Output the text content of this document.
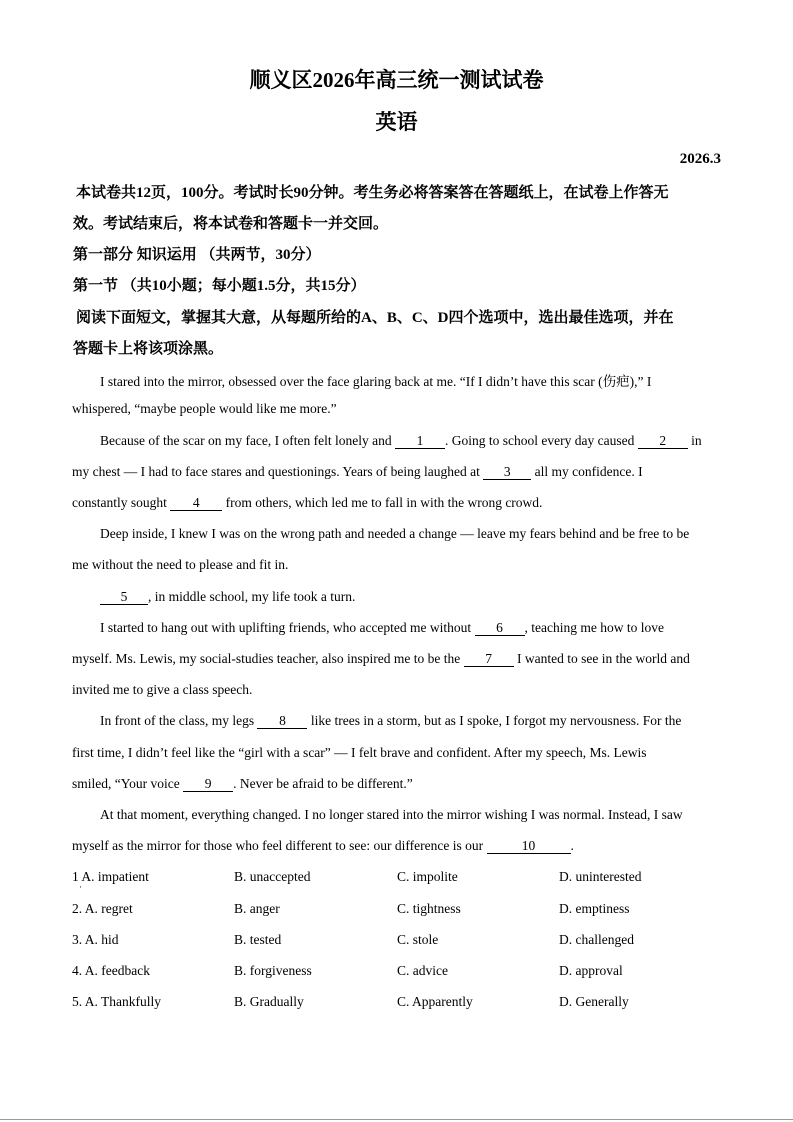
顺义区2026年高三统一测试试卷
英语
2026.3
本试卷共12页，100分。考试时长90分钟。考生务必将答案答在答题纸上，在试卷上作答无
效。考试结束后，将本试卷和答题卡一并交回。
第一部分 知识运用 （共两节，30分）
第一节 （共10小题；每小题1.5分，共15分）
阅读下面短文，掌握其大意，从每题所给的A、B、C、D四个选项中，选出最佳选项，并在
答题卡上将该项涂黑。
I stared into the mirror, obsessed over the face glaring back at me. “If I didn’t have this scar (伤疤),” I
whispered, “maybe people would like me more.”
Because of the scar on my face, I often felt lonely and 1 . Going to school every day caused 2 in
my chest — I had to face stares and questionings. Years of being laughed at 3 all my confidence. I
constantly sought 4 from others, which led me to fall in with the wrong crowd.
Deep inside, I knew I was on the wrong path and needed a change — leave my fears behind and be free to be
me without the need to please and fit in.
5 , in middle school, my life took a turn.
I started to hang out with uplifting friends, who accepted me without 6 , teaching me how to love
myself. Ms. Lewis, my social-studies teacher, also inspired me to be the 7 I wanted to see in the world and
invited me to give a class speech.
In front of the class, my legs 8 like trees in a storm, but as I spoke, I forgot my nervousness. For the
first time, I didn’t feel like the “girl with a scar” — I felt brave and confident. After my speech, Ms. Lewis
smiled, “Your voice 9 . Never be afraid to be different.”
At that moment, everything changed. I no longer stared into the mirror wishing I was normal. Instead, I saw
myself as the mirror for those who feel different to see: our difference is our	10	.
1 A. impatient	B. unaccepted	C. impolite	D. uninterested
·
2. A. regret	B. anger	C. tightness	D. emptiness
3. A. hid	B. tested	C. stole	D. challenged
4. A. feedback	B. forgiveness	C. advice	D. approval
5. A. Thankfully	B. Gradually	C. Apparently	D. Generally
